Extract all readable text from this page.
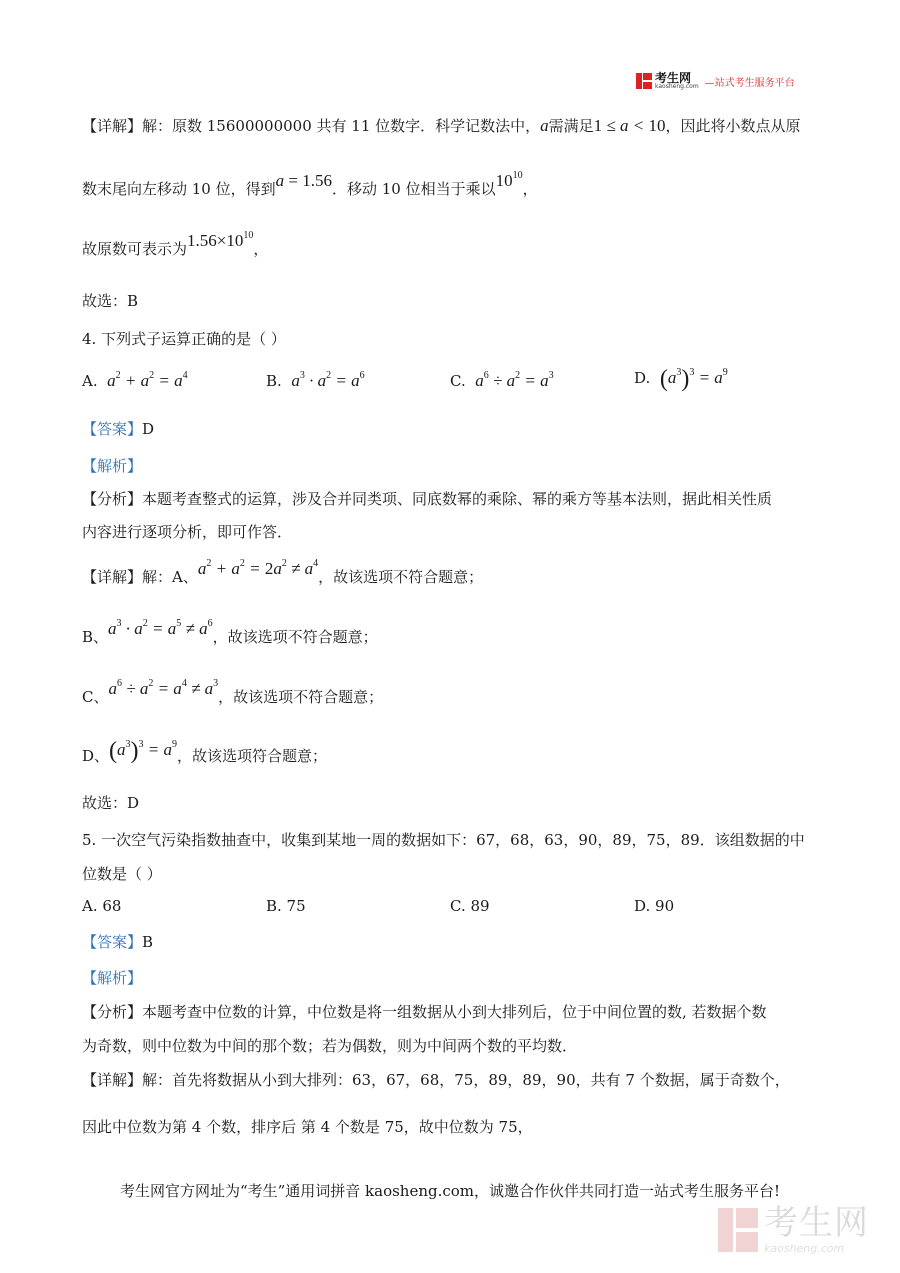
考生网
kaosheng.com —站式考生服务平台
【详解】解：原数 15600000000 共有 11 位数字．科学记数法中，a需满足1 ≤ a < 10，因此将小数点从原
数末尾向左移动 10 位，得到a = 1.56．移动 10 位相当于乘以$10^{10}$，
故原数可表示为$1.56\times 10^{10}$，
故选：B
4. 下列式子运算正确的是（ ）
A. $a^2 + a^2 = a^4$	B. $a^3 \cdot a^2 = a^6$	C. $a^6 \div a^2 = a^3$	D. $(a^3)^3 = a^9$
【答案】D
【解析】
【分析】本题考查整式的运算，涉及合并同类项、同底数幂的乘除、幂的乘方等基本法则，据此相关性质
内容进行逐项分析，即可作答．
【详解】解：A、$a^2 + a^2 = 2a^2 \ne a^4$，故该选项不符合题意；
B、$a^3 \cdot a^2 = a^5 \ne a^6$，故该选项不符合题意；
C、$a^6 \div a^2 = a^4 \ne a^3$，故该选项不符合题意；
D、$(a^3)^3 = a^9$，故该选项符合题意；
故选：D
5. 一次空气污染指数抽查中，收集到某地一周的数据如下：67，68，63，90，89，75，89．该组数据的中
位数是（ ）
A. 68	B. 75	C. 89	D. 90
【答案】B
【解析】
【分析】本题考查中位数的计算，中位数是将一组数据从小到大排列后，位于中间位置的数, 若数据个数
为奇数，则中位数为中间的那个数；若为偶数，则为中间两个数的平均数．
【详解】解：首先将数据从小到大排列：63，67，68，75，89，89，90，共有 7 个数据，属于奇数个，
因此中位数为第 4 个数，排序后 第 4 个数是 75，故中位数为 75，
考生网官方网址为“考生”通用词拼音 kaosheng.com，诚邀合作伙伴共同打造一站式考生服务平台!
考生网
kaosheng.com
